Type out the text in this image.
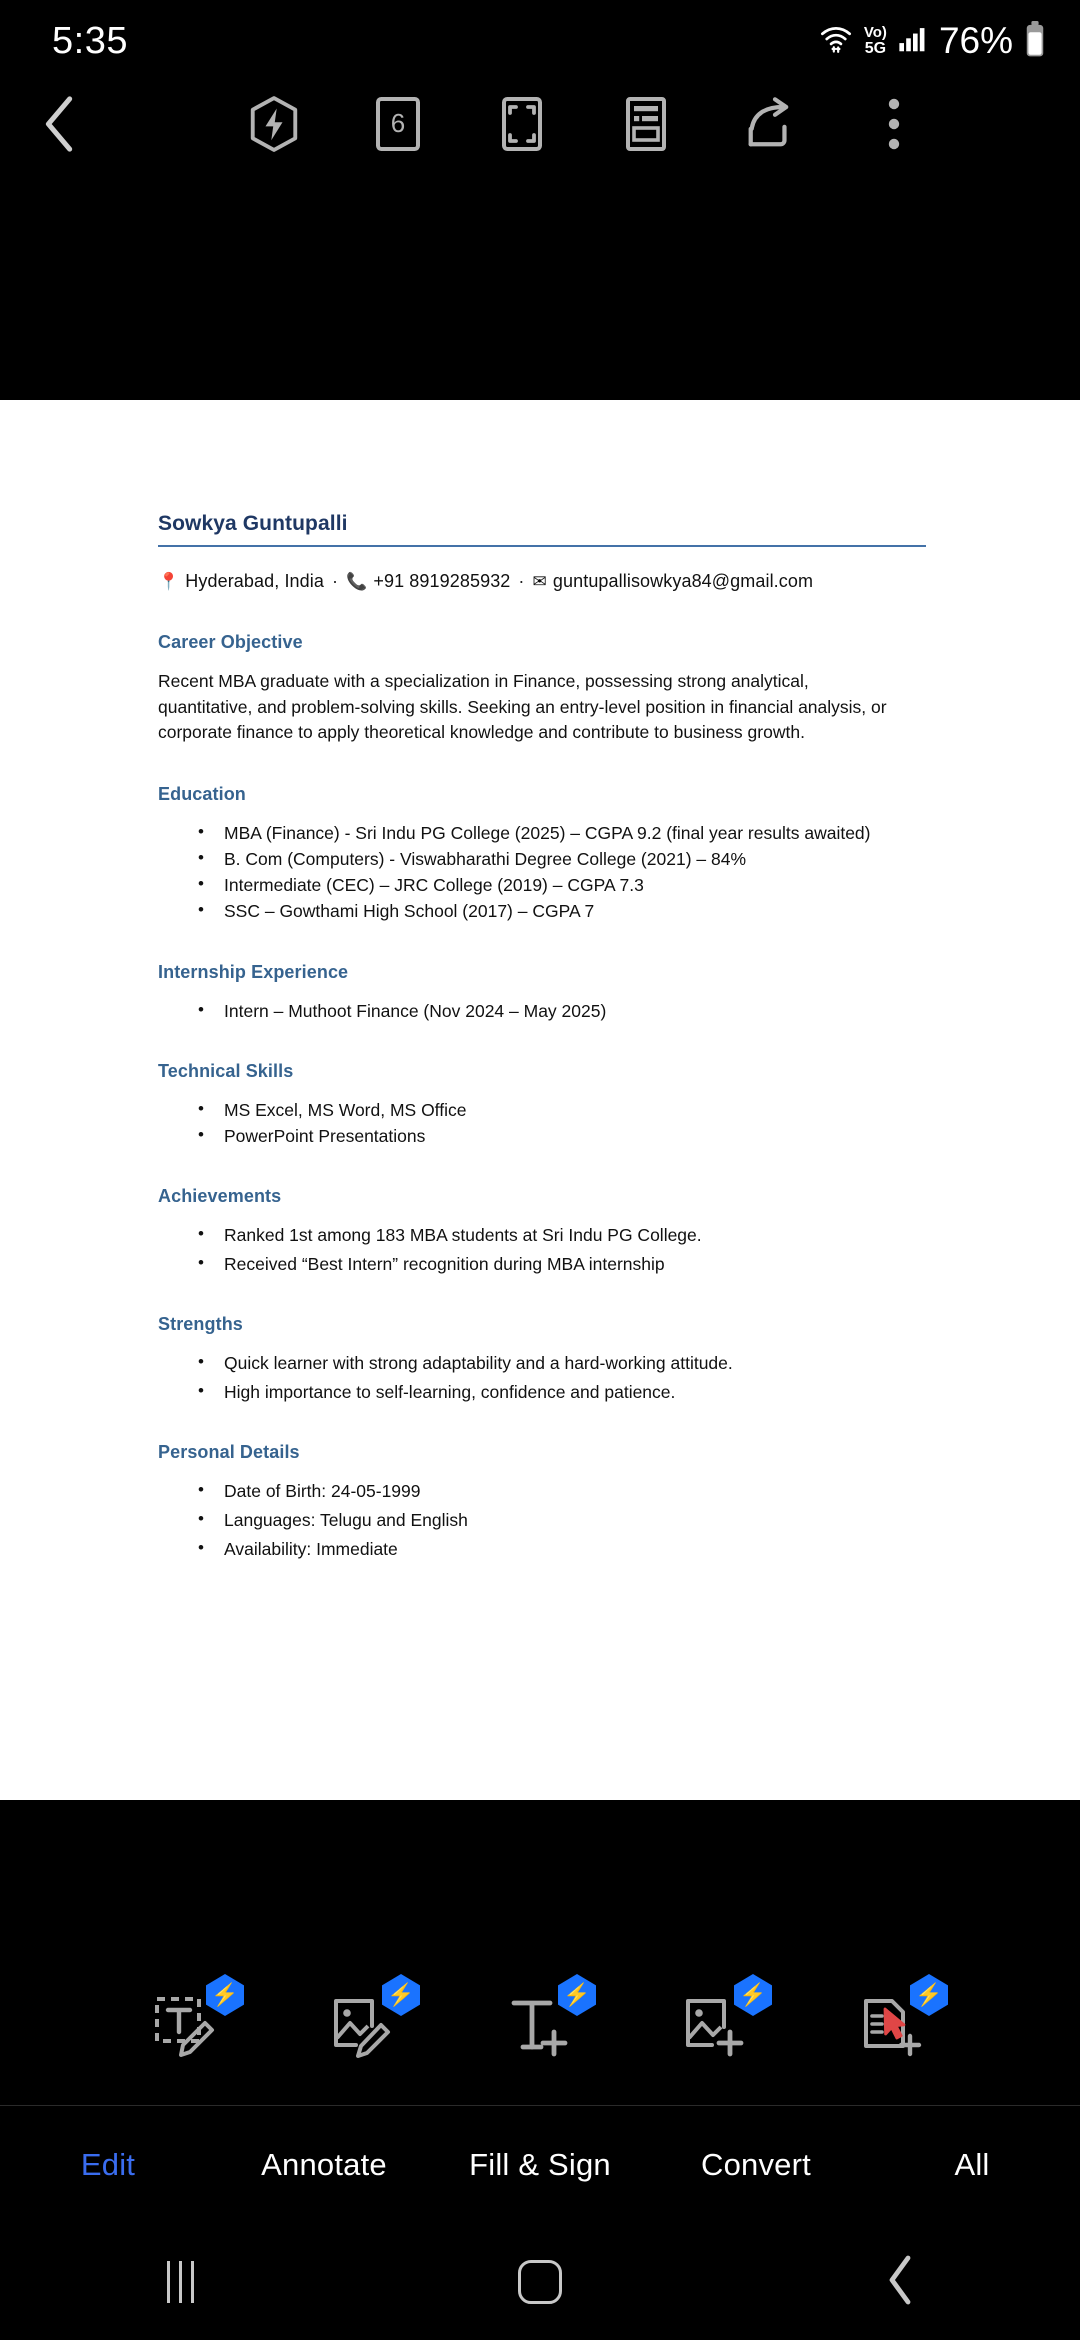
5:35	Vo)
5G 76%
6
Sowkya Guntupalli
📍 Hyderabad, India · 📞 +91 8919285932 · ✉ guntupallisowkya84@gmail.com
Career Objective

Recent MBA graduate with a specialization in Finance, possessing strong analytical, quantitative, and problem-solving skills. Seeking an entry-level position in financial analysis, or corporate finance to apply theoretical knowledge and contribute to business growth.

Education
• MBA (Finance) - Sri Indu PG College (2025) – CGPA 9.2 (final year results awaited)
• B. Com (Computers) - Viswabharathi Degree College (2021) – 84%
• Intermediate (CEC) – JRC College (2019) – CGPA 7.3
• SSC – Gowthami High School (2017) – CGPA 7
Internship Experience
• Intern – Muthoot Finance (Nov 2024 – May 2025)
Technical Skills
• MS Excel, MS Word, MS Office
• PowerPoint Presentations
Achievements
• Ranked 1st among 183 MBA students at Sri Indu PG College.
• Received “Best Intern” recognition during MBA internship
Strengths
• Quick learner with strong adaptability and a hard-working attitude.
• High importance to self-learning, confidence and patience.
Personal Details
• Date of Birth: 24-05-1999
• Languages: Telugu and English
• Availability: Immediate
⚡	⚡	⚡	⚡	⚡
Edit	Annotate	Fill & Sign	Convert	All
